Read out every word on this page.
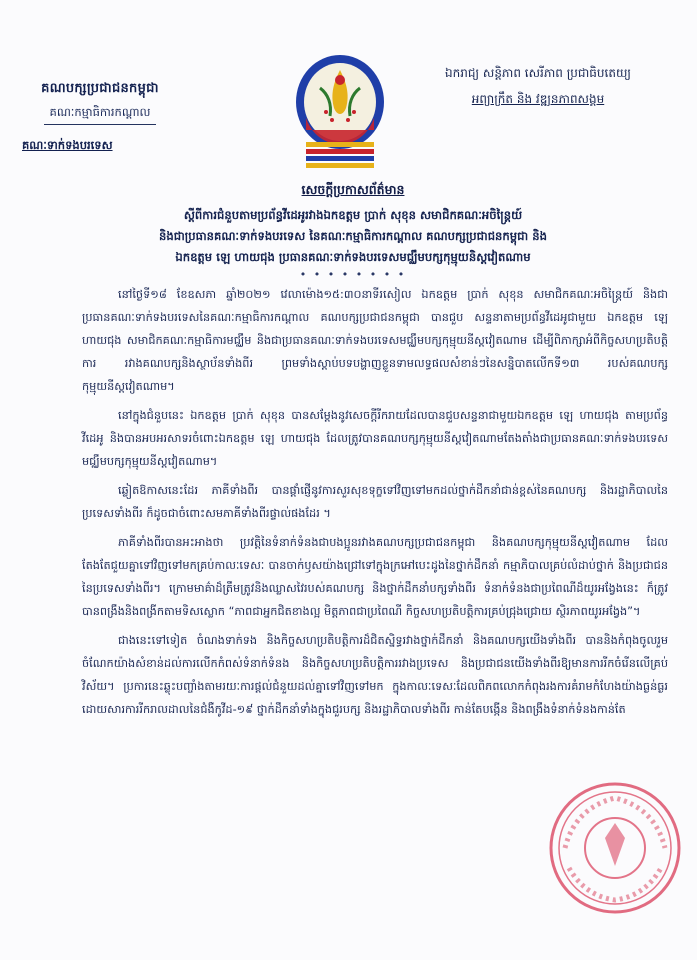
គណបក្សប្រជាជនកម្ពុជា
គណៈកម្មាធិការកណ្តាល
គណៈទាក់ទងបរទេស
ឯករាជ្យ សន្តិភាព សេរីភាព ប្រជាធិបតេយ្យ
អព្យាក្រឹត និង វឌ្ឍនភាពសង្គម
សេចក្តីប្រកាសព័ត៌មាន
ស្តីពីការជំនួបតាមប្រព័ន្ធវីដេអូរវាងឯកឧត្តម ប្រាក់ សុខុន សមាជិកគណៈអចិន្ត្រៃយ៍
និងជាប្រធានគណៈទាក់ទងបរទេស នៃគណៈកម្មាធិការកណ្តាល គណបក្សប្រជាជនកម្ពុជា និង
ឯកឧត្តម ឡេ ហាយជុង ប្រធានគណៈទាក់ទងបរទេសមជ្ឈឹមបក្សកុម្មុយនិស្តវៀតណាម
• • • • • • • •

នៅថ្ងៃទី១៨ ខែឧសភា ឆ្នាំ២០២១ វេលាម៉ោង១៥:៣០នាទីរសៀល ឯកឧត្តម ប្រាក់ សុខុន សមាជិកគណៈអចិន្ត្រៃយ៍ និងជាប្រធានគណៈទាក់ទងបរទេសនៃគណៈកម្មាធិការកណ្តាល គណបក្សប្រជាជនកម្ពុជា បានជួប សន្ទនាតាមប្រព័ន្ធវីដេអូជាមួយ ឯកឧត្តម ឡេ ហាយជុង សមាជិកគណៈកម្មាធិការមជ្ឈឹម និងជាប្រធានគណៈទាក់ទងបរទេសមជ្ឈឹមបក្សកុម្មុយនីស្តវៀតណាម ដើម្បីពិភាក្សាអំពីកិច្ចសហប្រតិបត្តិការ រវាងគណបក្សនិងស្ថាប័នទាំងពីរ ព្រមទាំងស្តាប់បទបង្ហាញខ្លួនទាមលទ្ធផលសំខាន់ៗនៃសន្និបាតលើកទី១៣ របស់គណបក្សកុម្មុយនីស្តវៀតណាម។

នៅក្នុងជំនួបនេះ ឯកឧត្តម ប្រាក់ សុខុន បានសម្តែងនូវសេចក្តីរីករាយដែលបានជួបសន្ទនាជាមួយឯកឧត្តម ឡេ ហាយជុង តាមប្រព័ន្ធវីដេអូ និងបានអបអរសាទរចំពោះឯកឧត្តម ឡេ ហាយជុង ដែលត្រូវបានគណបក្សកុម្មុយនីស្តវៀតណាមតែងតាំងជាប្រធានគណៈទាក់ទងបរទេសមជ្ឈឹមបក្សកុម្មុយនីស្តវៀតណាម។

ឆ្លៀតឱកាសនេះដែរ ភាគីទាំងពីរ បានផ្តាំផ្ញើនូវការសួរសុខទុក្ខទៅវិញទៅមកដល់ថ្នាក់ដឹកនាំជាន់ខ្ពស់នៃគណបក្ស និងរដ្ឋាភិបាលនៃប្រទេសទាំងពីរ ក៏ដូចជាចំពោះសមភាគីទាំងពីរផ្ទាល់ផងដែរ ។

ភាគីទាំងពីរបានអះអាងថា ប្រវត្តិនៃទំនាក់ទំនងជាបងប្អូនរវាងគណបក្សប្រជាជនកម្ពុជា និងគណបក្សកុម្មុយនីស្តវៀតណាម ដែលតែងតែជួយគ្នាទៅវិញទៅមកគ្រប់កាលៈទេសៈ បានចាក់ឫសយ៉ាងជ្រៅទៅក្នុងក្រអៅបេះដូងនៃថ្នាក់ដឹកនាំ កម្មាភិបាលគ្រប់លំដាប់ថ្នាក់ និងប្រជាជននៃប្រទេសទាំងពីរ។ ក្រោមមាគ៌ាដ៏ត្រឹមត្រូវនិងឈ្លាសវៃរបស់គណបក្ស និងថ្នាក់ដឹកនាំបក្សទាំងពីរ ទំនាក់ទំនងជាប្រពៃណីដ៏យូរអង្វែងនេះ ក៏ត្រូវបានពង្រឹងនិងពង្រីកតាមទិសស្លោក “ភាពជាអ្នកជិតខាងល្អ មិត្តភាពជាប្រពៃណី កិច្ចសហប្រតិបត្តិការគ្រប់ជ្រុងជ្រោយ ស្ថិរភាពយូរអង្វែង”។

ជាងនេះទៅទៀត ចំណងទាក់ទង និងកិច្ចសហប្រតិបត្តិការដ៏ជិតស្និទ្ធរវាងថ្នាក់ដឹកនាំ និងគណបក្សយើងទាំងពីរ បាននិងកំពុងចូលរួមចំណែកយ៉ាងសំខាន់ដល់ការលើកកំពស់ទំនាក់ទំនង និងកិច្ចសហប្រតិបត្តិការរវាងប្រទេស និងប្រជាជនយើងទាំងពីរឱ្យមានការរីកចំរើនលើគ្រប់វិស័យ។ ប្រការនេះឆ្លុះបញ្ចាំងតាមរយៈការផ្តល់ជំនួយដល់គ្នាទៅវិញទៅមក ក្នុងកាលៈទេសៈដែលពិភពលោកកំពុងរងការគំរាមកំហែងយ៉ាងធ្ងន់ធ្ងរដោយសារការរីករាលដាលនៃជំងឺកូវីដ-១៩ ថ្នាក់ដឹកនាំទាំងក្នុងជួរបក្ស និងរដ្ឋាភិបាលទាំងពីរ កាន់តែបង្កើន និងពង្រឹងទំនាក់ទំនងកាន់តែ
